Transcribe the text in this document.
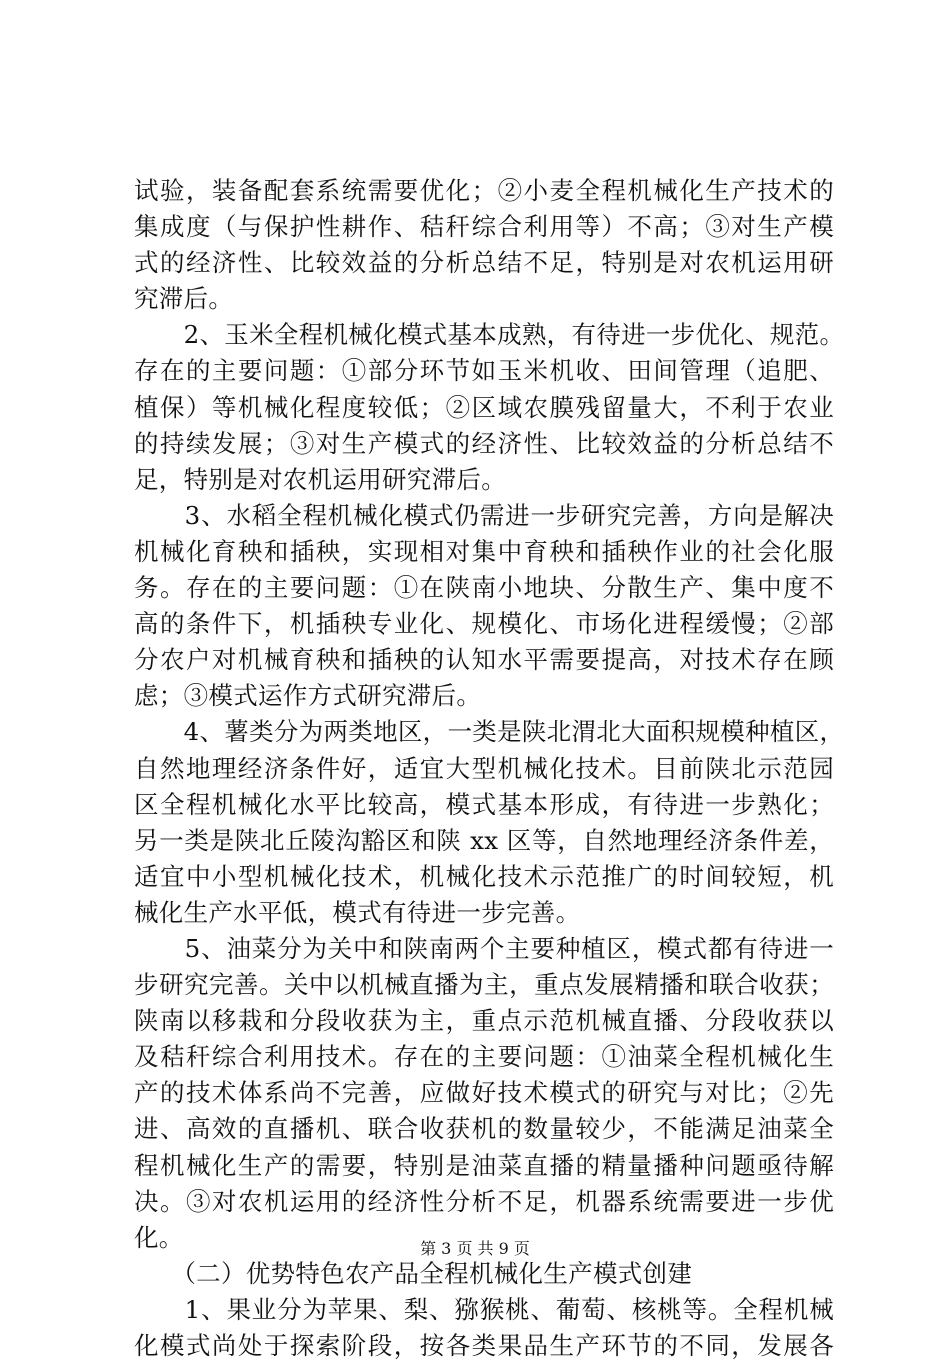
试验，装备配套系统需要优化；②小麦全程机械化生产技术的
集成度（与保护性耕作、秸秆综合利用等）不高；③对生产模
式的经济性、比较效益的分析总结不足，特别是对农机运用研
究滞后。
　　2、玉米全程机械化模式基本成熟，有待进一步优化、规范。
存在的主要问题：①部分环节如玉米机收、田间管理（追肥、
植保）等机械化程度较低；②区域农膜残留量大，不利于农业
的持续发展；③对生产模式的经济性、比较效益的分析总结不
足，特别是对农机运用研究滞后。
　　3、水稻全程机械化模式仍需进一步研究完善，方向是解决
机械化育秧和插秧，实现相对集中育秧和插秧作业的社会化服
务。存在的主要问题：①在陕南小地块、分散生产、集中度不
高的条件下，机插秧专业化、规模化、市场化进程缓慢；②部
分农户对机械育秧和插秧的认知水平需要提高，对技术存在顾
虑；③模式运作方式研究滞后。
　　4、薯类分为两类地区，一类是陕北渭北大面积规模种植区，
自然地理经济条件好，适宜大型机械化技术。目前陕北示范园
区全程机械化水平比较高，模式基本形成，有待进一步熟化；
另一类是陕北丘陵沟豁区和陕 xx 区等，自然地理经济条件差，
适宜中小型机械化技术，机械化技术示范推广的时间较短，机
械化生产水平低，模式有待进一步完善。
　　5、油菜分为关中和陕南两个主要种植区，模式都有待进一
步研究完善。关中以机械直播为主，重点发展精播和联合收获；
陕南以移栽和分段收获为主，重点示范机械直播、分段收获以
及秸秆综合利用技术。存在的主要问题：①油菜全程机械化生
产的技术体系尚不完善，应做好技术模式的研究与对比；②先
进、高效的直播机、联合收获机的数量较少，不能满足油菜全
程机械化生产的需要，特别是油菜直播的精量播种问题亟待解
决。③对农机运用的经济性分析不足，机器系统需要进一步优
化。
　　（二）优势特色农产品全程机械化生产模式创建
　　1、果业分为苹果、梨、猕猴桃、葡萄、核桃等。全程机械
化模式尚处于探索阶段，按各类果品生产环节的不同，发展各
第 3 页 共 9 页
